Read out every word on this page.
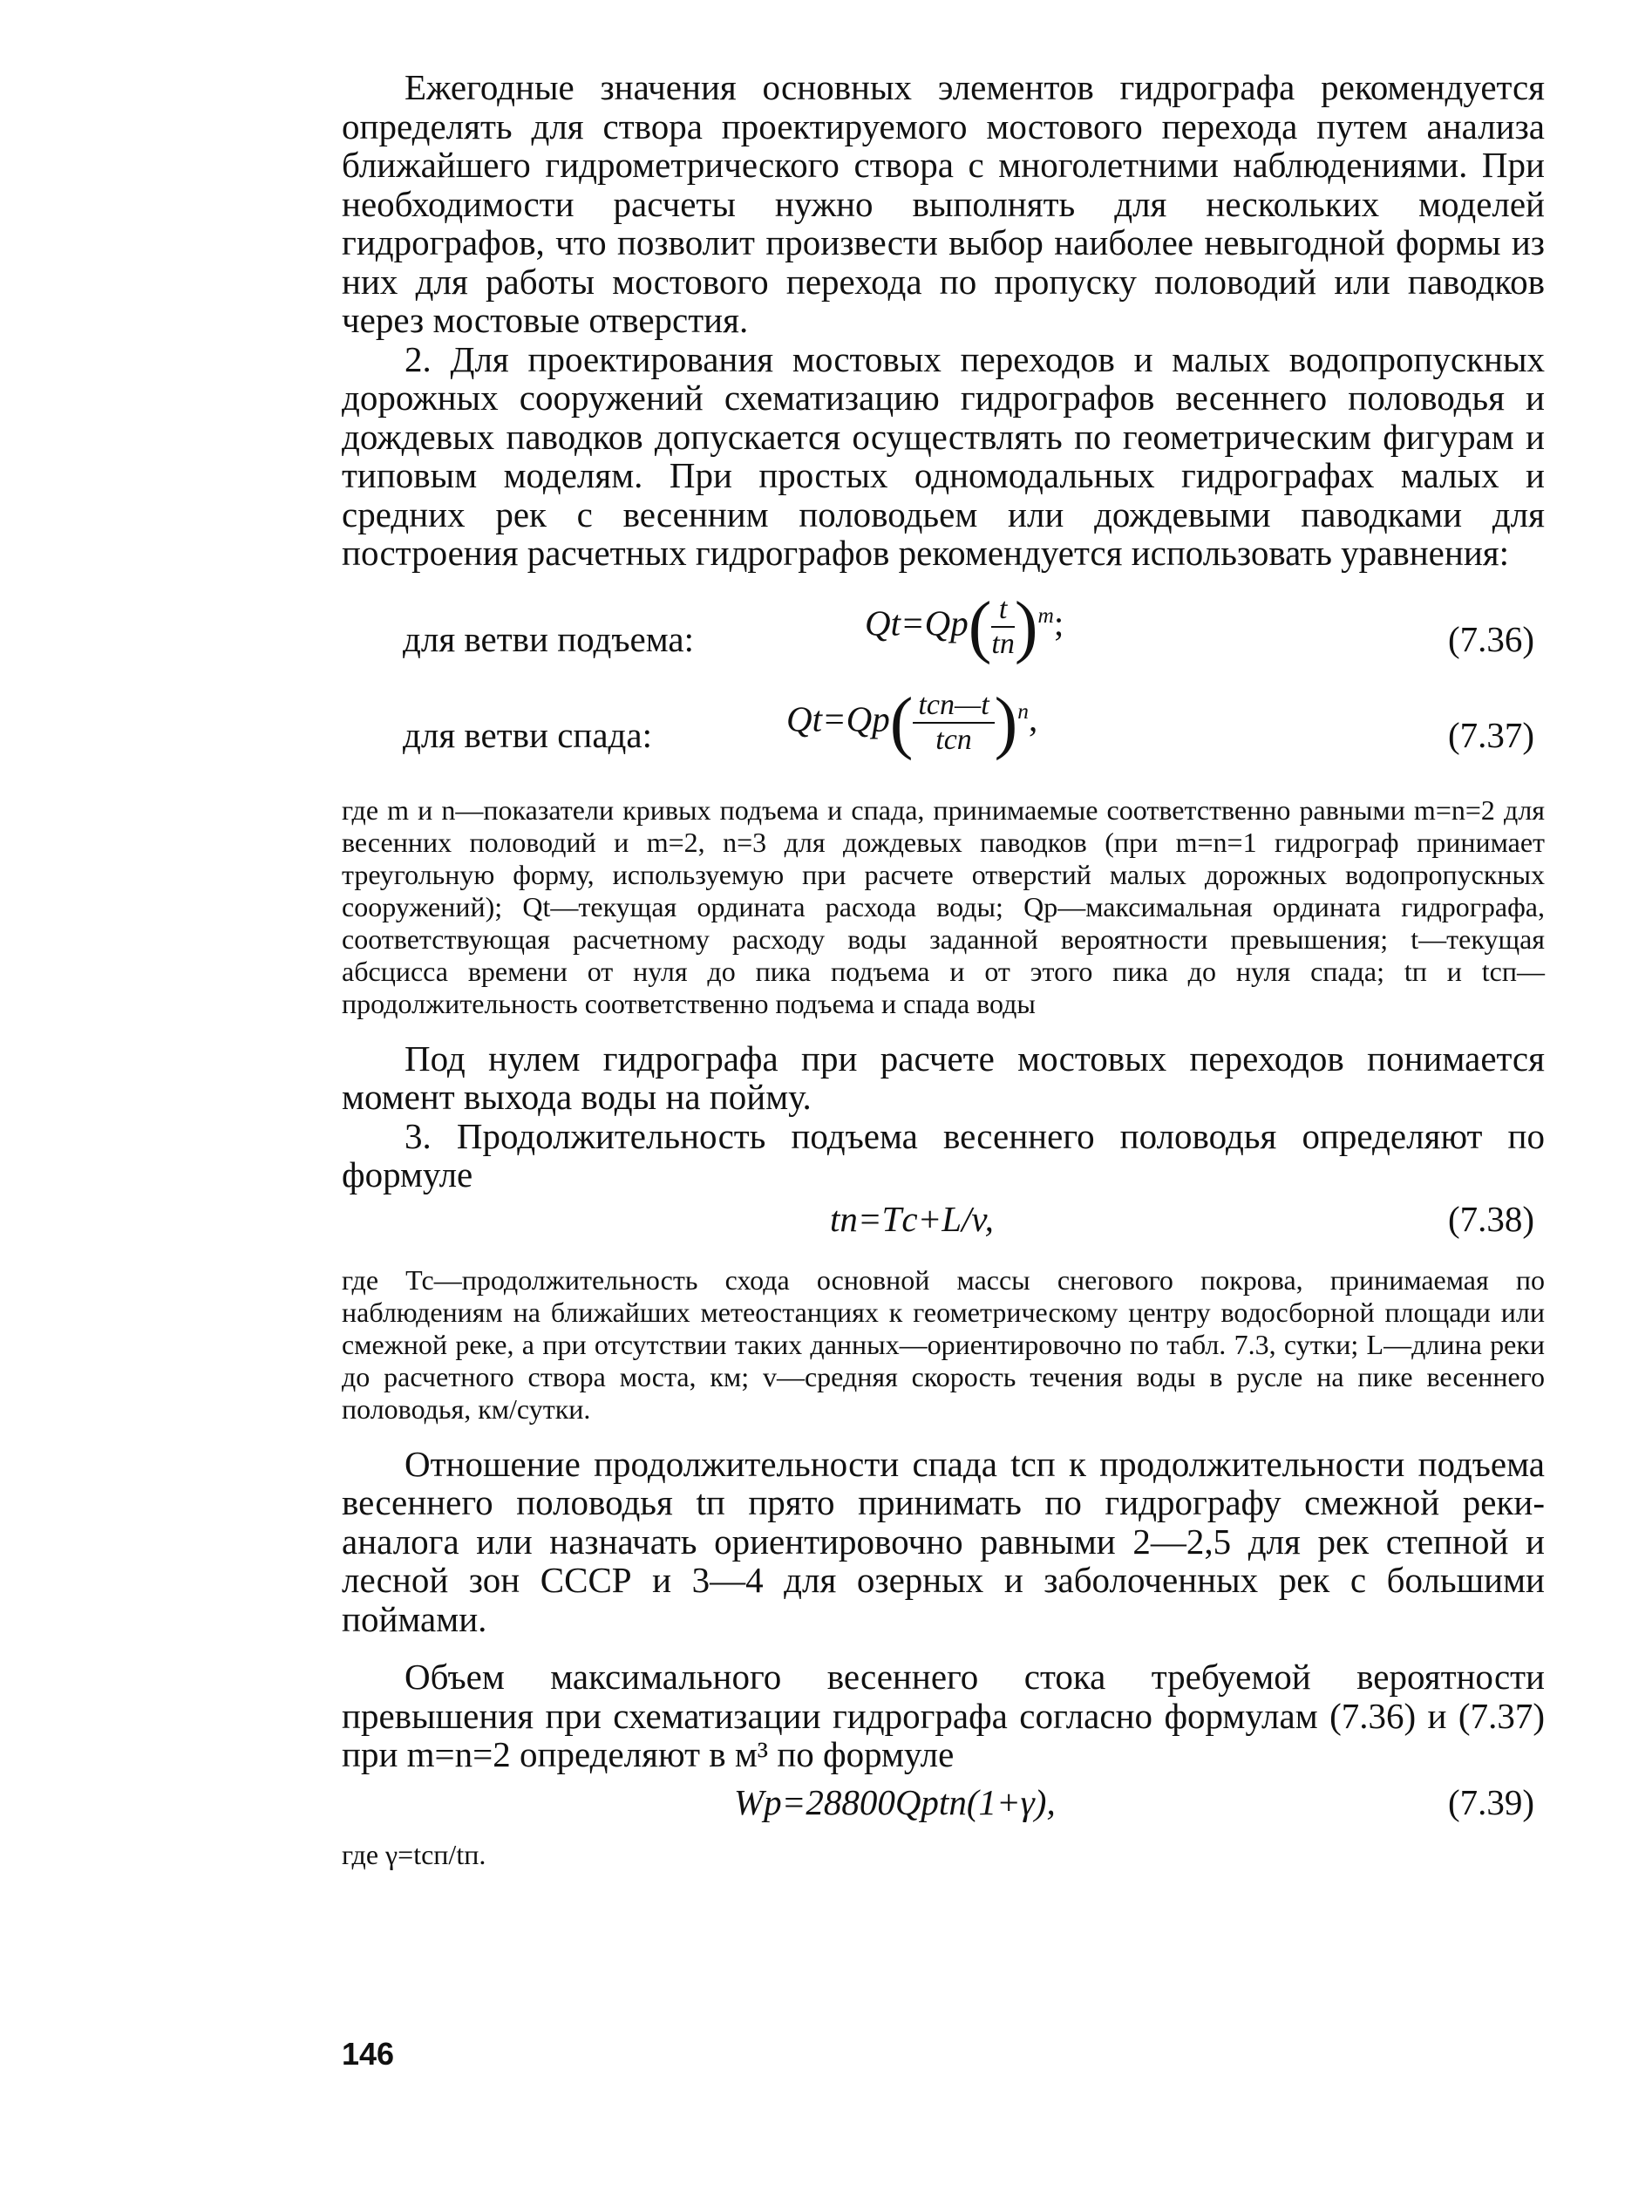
Ежегодные значения основных элементов гидрографа рекомендуется определять для створа проектируемого мостового перехода путем анализа ближайшего гидрометрического створа с многолетними наблюдениями. При необходимости расчеты нужно выполнять для нескольких моделей гидрографов, что позволит произвести выбор наиболее невыгодной формы из них для работы мостового перехода по пропуску половодий или паводков через мостовые отверстия.

2. Для проектирования мостовых переходов и малых водопропускных дорожных сооружений схематизацию гидрографов весеннего половодья и дождевых паводков допускается осуществлять по геометрическим фигурам и типовым моделям. При простых одномодальных гидрографах малых и средних рек с весенним половодьем или дождевыми паводками для построения расчетных гидрографов рекомендуется использовать уравнения:

для ветви подъема:	$Qt=Qр( \frac{t}{tп} )^m$;	(7.36)
для ветви спада:	$Qt=Qр( \frac{\text{tсп—t}}{\text{tсп}} )^n$,	(7.37)

где m и n—показатели кривых подъема и спада, принимаемые соответственно равными m=n=2 для весенних половодий и m=2, n=3 для дождевых паводков (при m=n=1 гидрограф принимает треугольную форму, используемую при расчете отверстий малых дорожных водопропускных сооружений); Qt—текущая ордината расхода воды; Qр—максимальная ордината гидрографа, соответствующая расчетному расходу воды заданной вероятности превышения; t—текущая абсцисса времени от нуля до пика подъема и от этого пика до нуля спада; tп и tсп—продолжительность соответственно подъема и спада воды

Под нулем гидрографа при расчете мостовых переходов понимается момент выхода воды на пойму.

3. Продолжительность подъема весеннего половодья определяют по формуле

tп=Tс+L/v,	(7.38)

где Тс—продолжительность схода основной массы снегового покрова, принимаемая по наблюдениям на ближайших метеостанциях к геометрическому центру водосборной площади или смежной реке, а при отсутствии таких данных—ориентировочно по табл. 7.3, сутки; L—длина реки до расчетного створа моста, км; v—средняя скорость течения воды в русле на пике весеннего половодья, км/сутки.

Отношение продолжительности спада tсп к продолжительности подъема весеннего половодья tп прято принимать по гидрографу смежной реки-аналога или назначать ориентировочно равными 2—2,5 для рек степной и лесной зон СССР и 3—4 для озерных и заболоченных рек с большими поймами.

Объем максимального весеннего стока требуемой вероятности превышения при схематизации гидрографа согласно формулам (7.36) и (7.37) при m=n=2 определяют в м³ по формуле

Wр=28800Qрtп(1+γ),	(7.39)

где γ=tсп/tп.

146
